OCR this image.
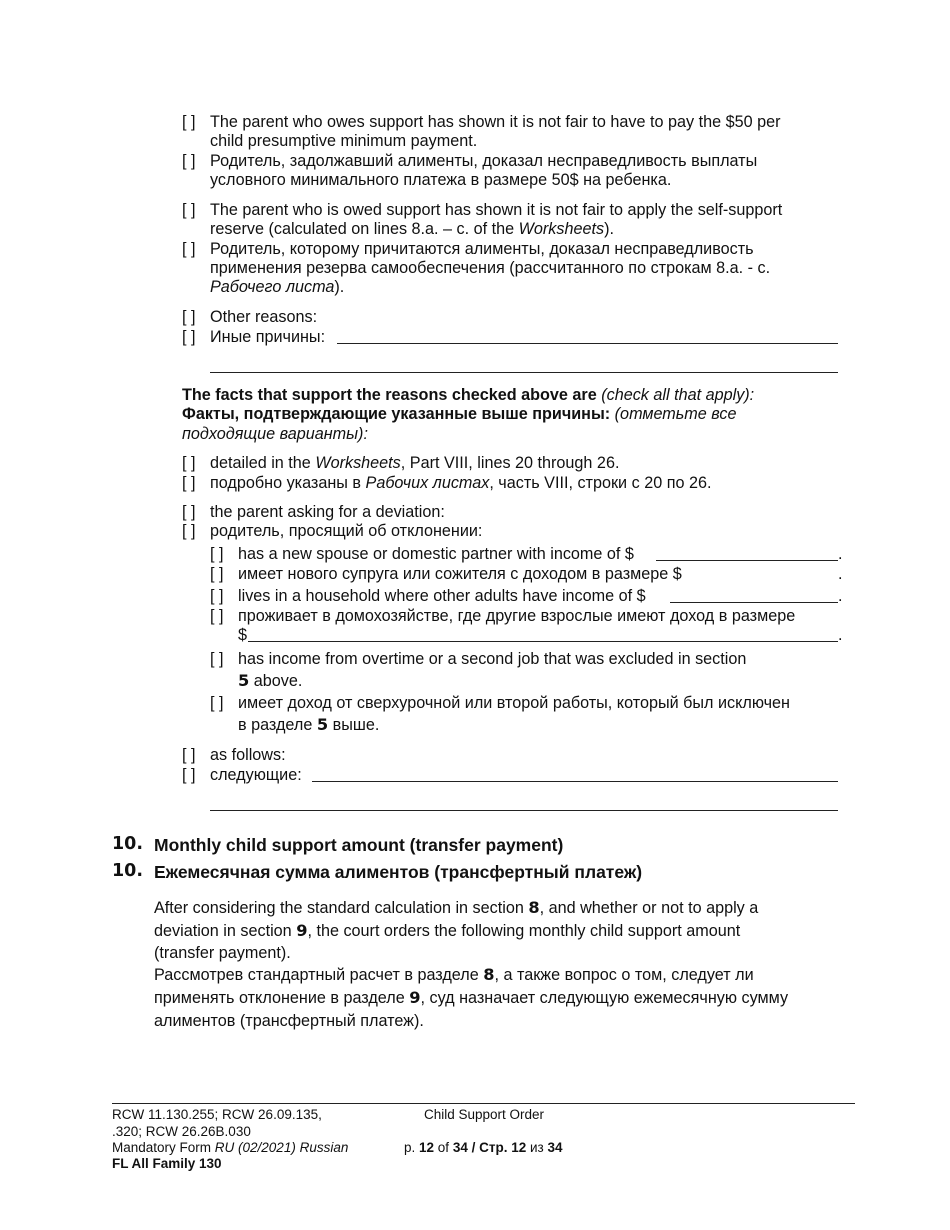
[ ] The parent who owes support has shown it is not fair to have to pay the $50 per
child presumptive minimum payment.
[ ] Родитель, задолжавший алименты, доказал несправедливость выплаты
условного минимального платежа в размере 50$ на ребенка.
[ ] The parent who is owed support has shown it is not fair to apply the self-support
reserve (calculated on lines 8.a. – c. of the Worksheets).
[ ] Родитель, которому причитаются алименты, доказал несправедливость
применения резерва самообеспечения (рассчитанного по строкам 8.a. - c.
Рабочего листа).
[ ] Other reasons:
[ ] Иные причины:
The facts that support the reasons checked above are (check all that apply):
Факты, подтверждающие указанные выше причины: (отметьте все
подходящие варианты):
[ ] detailed in the Worksheets, Part VIII, lines 20 through 26.
[ ] подробно указаны в Рабочих листах, часть VIII, строки с 20 по 26.
[ ] the parent asking for a deviation:
[ ] родитель, просящий об отклонении:
[ ] has a new spouse or domestic partner with income of $	.
[ ] имеет нового супруга или сожителя с доходом в размере $	.
[ ] lives in a household where other adults have income of $	.
[ ] проживает в домохозяйстве, где другие взрослые имеют доход в размере
$	.
[ ] has income from overtime or a second job that was excluded in section
5 above.
[ ] имеет доход от сверхурочной или второй работы, который был исключен
в разделе 5 выше.
[ ] as follows:
[ ] следующие:
10. Monthly child support amount (transfer payment)
10. Ежемесячная сумма алиментов (трансфертный платеж)
After considering the standard calculation in section 8, and whether or not to apply a
deviation in section 9, the court orders the following monthly child support amount
(transfer payment).
Рассмотрев стандартный расчет в разделе 8, а также вопрос о том, следует ли
применять отклонение в разделе 9, суд назначает следующую ежемесячную сумму
алиментов (трансфертный платеж).
RCW 11.130.255; RCW 26.09.135,
.320; RCW 26.26B.030
Mandatory Form RU (02/2021) Russian
FL All Family 130
Child Support Order
p. 12 of 34 / Стр. 12 из 34
